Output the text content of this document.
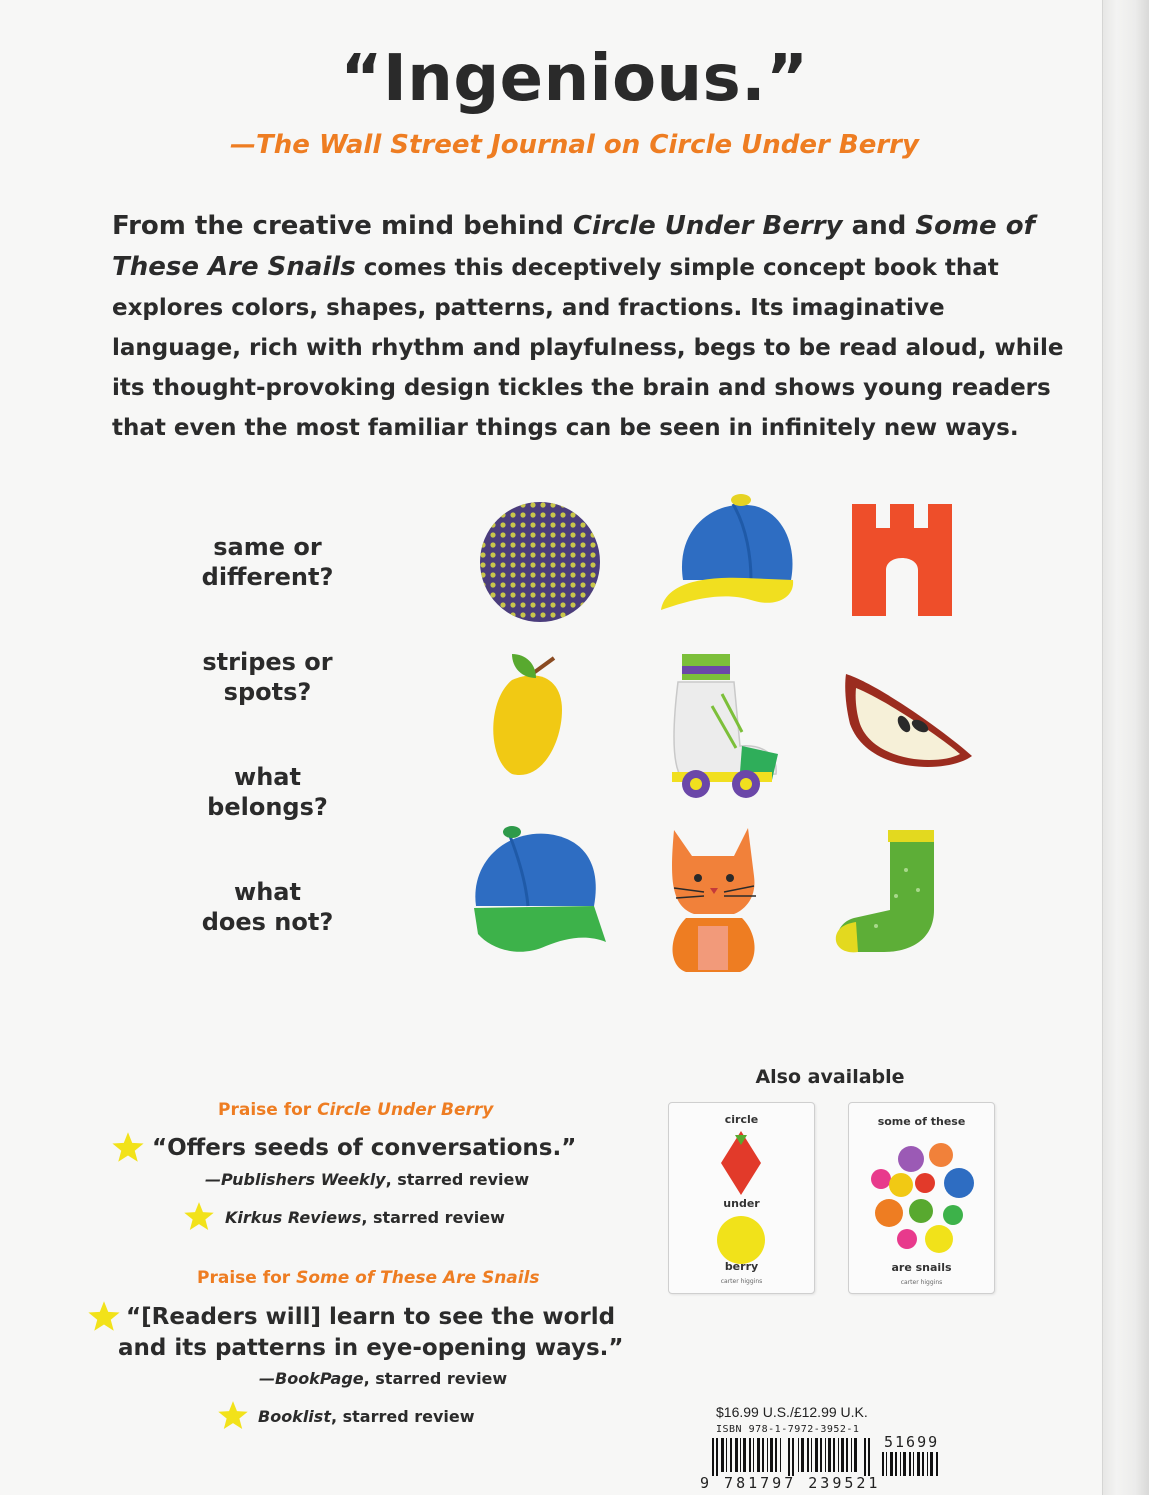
“Ingenious.”
—The Wall Street Journal on Circle Under Berry
From the creative mind behind Circle Under Berry and Some of These Are Snails comes this deceptively simple concept book that explores colors, shapes, patterns, and fractions. Its imaginative language, rich with rhythm and playfulness, begs to be read aloud, while its thought-provoking design tickles the brain and shows young readers that even the most familiar things can be seen in infinitely new ways.
same or
different?
stripes or
spots?
what
belongs?
what
does not?
Also available
circle
under
berry
carter higgins
some of these
are snails
carter higgins
Praise for Circle Under Berry
“Offers seeds of conversations.”
—Publishers Weekly, starred review
Kirkus Reviews, starred review
Praise for Some of These Are Snails
“[Readers will] learn to see the world
and its patterns in eye-opening ways.”
—BookPage, starred review
Booklist, starred review	$16.99 U.S./£12.99 U.K.
ISBN 978-1-7972-3952-1
51699
9 781797 239521
